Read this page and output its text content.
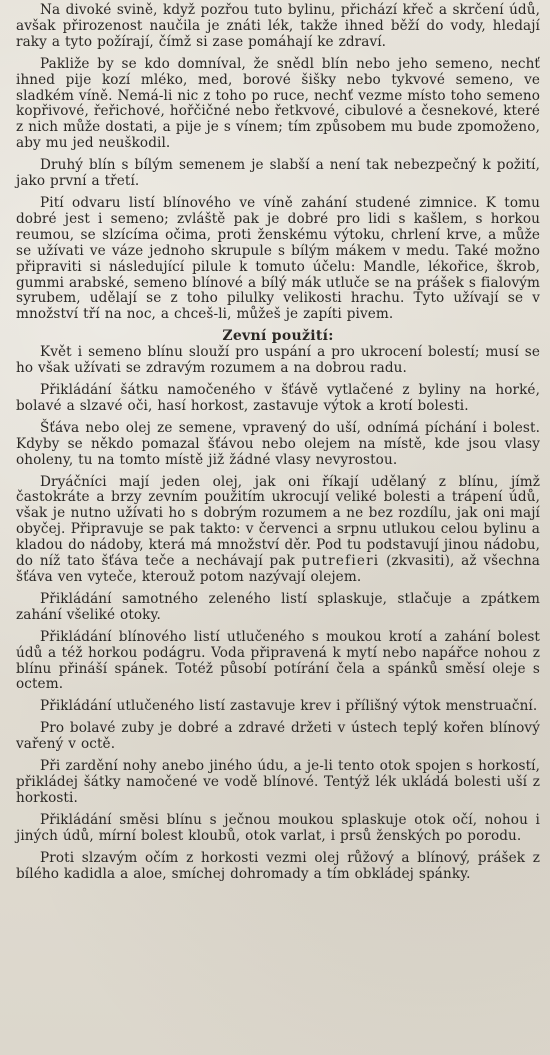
Na divoké svině, když pozřou tuto bylinu, přichází křeč a skrčení údů, avšak přirozenost naučila je znáti lék, takže ihned běží do vody, hledají raky a tyto požírají, čímž si zase pomáhají ke zdraví.

Pakliže by se kdo domníval, že snědl blín nebo jeho semeno, nechť ihned pije kozí mléko, med, borové šišky nebo tykvové semeno, ve sladkém víně. Nemá-li nic z toho po ruce, nechť vezme místo toho semeno kopřivové, řeřichové, hořčičné nebo řetkvové, cibulové a česnekové, které z nich může dostati, a pije je s vínem; tím způsobem mu bude zpomoženo, aby mu jed neuškodil.

Druhý blín s bílým semenem je slabší a není tak nebezpečný k požití, jako první a třetí.

Pití odvaru listí blínového ve víně zahání studené zimnice. K tomu dobré jest i semeno; zvláště pak je dobré pro lidi s kašlem, s horkou reumou, se slzícíma očima, proti ženskému výtoku, chrlení krve, a může se užívati ve váze jednoho skrupule s bílým mákem v medu. Také možno připraviti si následující pilule k tomuto účelu: Mandle, lékořice, škrob, gummi arabské, semeno blínové a bílý mák utluče se na prášek s fialovým syrubem, udělají se z toho pilulky velikosti hrachu. Tyto užívají se v množství tří na noc, a chceš-li, můžeš je zapíti pivem.

Zevní použití:

Květ i semeno blínu slouží pro uspání a pro ukrocení bolestí; musí se ho však užívati se zdravým rozumem a na dobrou radu.

Přikládání šátku namočeného v šťávě vytlačené z byliny na horké, bolavé a slzavé oči, hasí horkost, zastavuje výtok a krotí bolesti.

Šťáva nebo olej ze semene, vpravený do uší, odnímá píchání i bolest. Kdyby se někdo pomazal šťávou nebo olejem na místě, kde jsou vlasy oholeny, tu na tomto místě již žádné vlasy nevyrostou.

Dryáčníci mají jeden olej, jak oni říkají udělaný z blínu, jímž častokráte a brzy zevním použitím ukrocují veliké bolesti a trápení údů, však je nutno užívati ho s dobrým rozumem a ne bez rozdílu, jak oni mají obyčej. Připravuje se pak takto: v červenci a srpnu utlukou celou bylinu a kladou do nádoby, která má množství děr. Pod tu podstavují jinou nádobu, do níž tato šťáva teče a nechávají pak putrefieri (zkvasiti), až všechna šťáva ven vyteče, kterouž potom nazývají olejem.

Přikládání samotného zeleného listí splaskuje, stlačuje a zpátkem zahání všeliké otoky.

Přikládání blínového listí utlučeného s moukou krotí a zahání bolest údů a též horkou podágru. Voda připravená k mytí nebo napářce nohou z blínu přináší spánek. Totéž působí potírání čela a spánků směsí oleje s octem.

Přikládání utlučeného listí zastavuje krev i přílišný výtok menstruační.

Pro bolavé zuby je dobré a zdravé držeti v ústech teplý kořen blínový vařený v octě.

Při zardění nohy anebo jiného údu, a je-li tento otok spojen s horkostí, přikládej šátky namočené ve vodě blínové. Tentýž lék ukládá bolesti uší z horkosti.

Přikládání směsi blínu s ječnou moukou splaskuje otok očí, nohou i jiných údů, mírní bolest kloubů, otok varlat, i prsů ženských po porodu.

Proti slzavým očím z horkosti vezmi olej růžový a blínový, prášek z bílého kadidla a aloe, smíchej dohromady a tím obkládej spánky.
